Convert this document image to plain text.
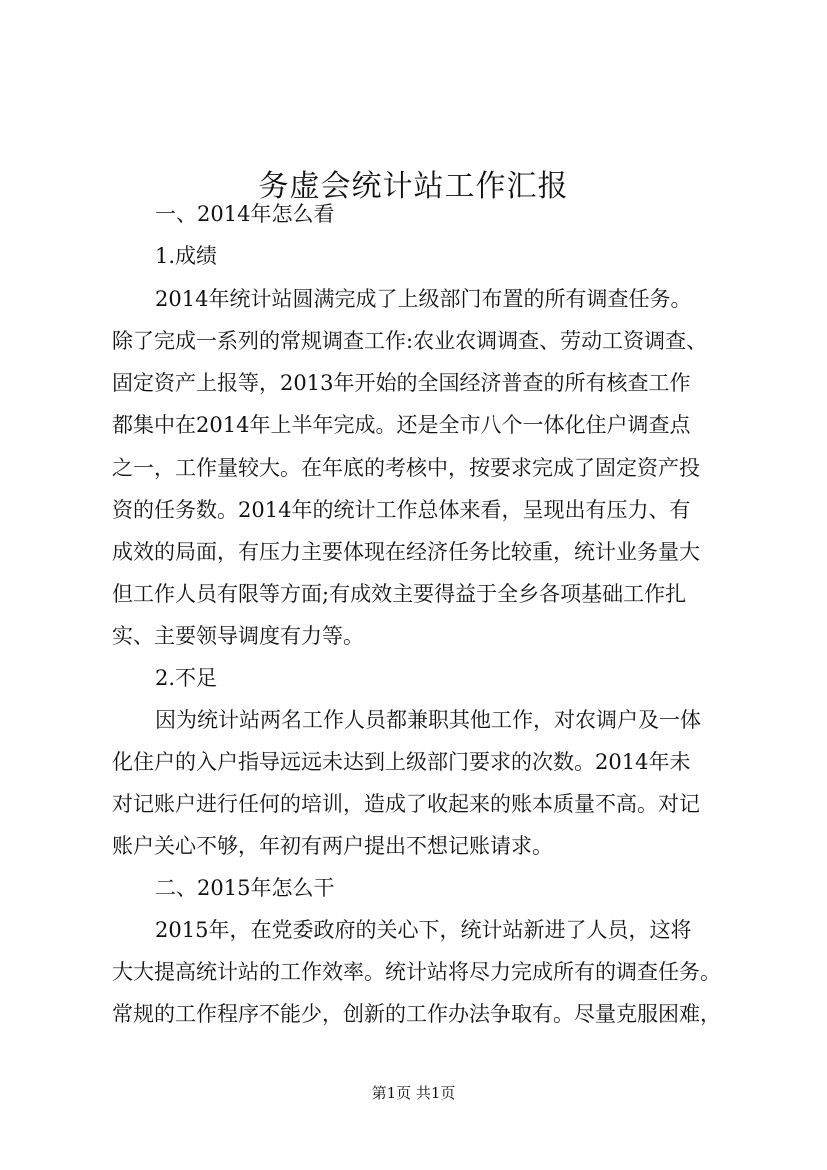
务虚会统计站工作汇报
一、2014年怎么看
1.成绩
2014年统计站圆满完成了上级部门布置的所有调查任务。
除了完成一系列的常规调查工作:农业农调调查、劳动工资调查、
固定资产上报等，2013年开始的全国经济普查的所有核查工作
都集中在2014年上半年完成。还是全市八个一体化住户调查点
之一，工作量较大。在年底的考核中，按要求完成了固定资产投
资的任务数。2014年的统计工作总体来看，呈现出有压力、有
成效的局面，有压力主要体现在经济任务比较重，统计业务量大
但工作人员有限等方面;有成效主要得益于全乡各项基础工作扎
实、主要领导调度有力等。
2.不足
因为统计站两名工作人员都兼职其他工作，对农调户及一体
化住户的入户指导远远未达到上级部门要求的次数。2014年未
对记账户进行任何的培训，造成了收起来的账本质量不高。对记
账户关心不够，年初有两户提出不想记账请求。
二、2015年怎么干
2015年，在党委政府的关心下，统计站新进了人员，这将
大大提高统计站的工作效率。统计站将尽力完成所有的调查任务。
常规的工作程序不能少，创新的工作办法争取有。尽量克服困难，
第1页 共1页
